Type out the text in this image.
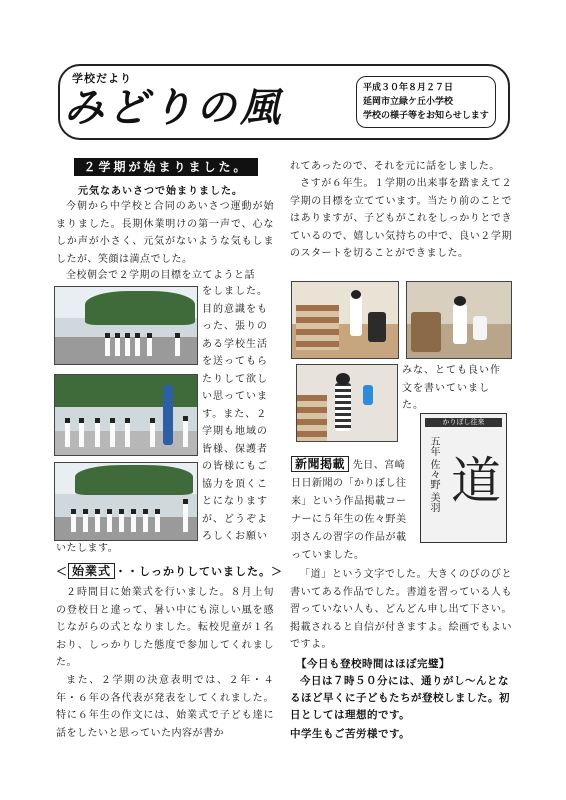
学校だより
みどりの風	平成３０年８月２７日
延岡市立緑ケ丘小学校
学校の様子等をお知らせします
２学期が始まりました。
元気なあいさつで始まりました。
今朝から中学校と合同のあいさつ運動が始まりました。長期休業明けの第一声で、心なしか声が小さく、元気がないような気もしましたが、笑顔は満点でした。
全校朝会で２学期の目標を立てようと話
をしました。目的意識をもった、張りのある学校生活を送ってもらたりして欲しい思っています。また、２学期も地域の皆様、保護者の皆様にもご協力を頂くことになりますが、どうぞよろしくお願い
いたします。
＜ 始業式 ・・しっかりしていました。＞
２時間目に始業式を行いました。８月上旬の登校日と違って、暑い中にも涼しい風を感じながらの式となりました。転校児童が１名おり、しっかりした態度で参加してくれました。
また、２学期の決意表明では、２年・４年・６年の各代表が発表をしてくれました。特に６年生の作文には、始業式で子ども達に話をしたいと思っていた内容が書か
れてあったので、それを元に話をしました。
さすが６年生。１学期の出来事を踏まえて２学期の目標を立てています。当たり前のことではありますが、子どもがこれをしっかりとできているので、嬉しい気持ちの中で、良い２学期のスタートを切ることができました。
みな、とても良い作文を書いていました。
かりぼし往来
五年 佐々野 美羽 道
新聞掲載 先日、宮崎日日新聞の「かりぼし往来」という作品掲載コーナーに５年生の佐々野美羽さんの習字の作品が載っていました。
「道」という文字でした。大きくのびのびと書いてある作品でした。書道を習っている人も習っていない人も、どんどん申し出て下さい。掲載されると自信が付きますよ。絵画でもよいですよ。
【今日も登校時間はほぼ完璧】
今日は７時５０分には、通りがし〜んとなるほど早くに子どもたちが登校しました。初日としては理想的です。
中学生もご苦労様です。
